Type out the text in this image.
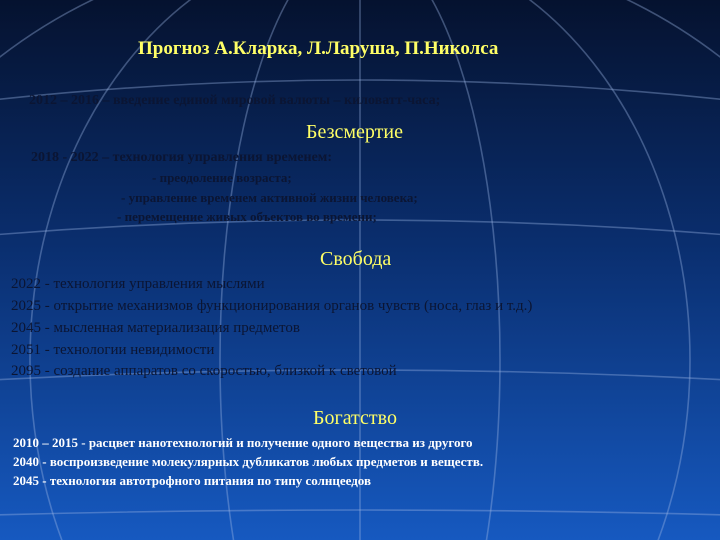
Прогноз А.Кларка, Л.Ларуша, П.Николса
2012 – 2016 – введение единой мировой валюты – киловатт-часа;
Безсмертие
2018 - 2022 – технология управления временем:
- преодоление возраста;
- управление временем активной жизни человека;
- перемещение живых объектов во времени;
Свобода
2022 - технология управления мыслями
2025 - открытие механизмов функционирования органов чувств (носа, глаз и т.д.)
2045 - мысленная материализация предметов
2051 - технологии невидимости
2095 - создание аппаратов со скоростью, близкой к световой
Богатство
2010 – 2015 - расцвет нанотехнологий и получение одного вещества из другого
2040 - воспроизведение молекулярных дубликатов любых предметов и веществ.
2045 - технология автотрофного питания по типу солнцеедов
